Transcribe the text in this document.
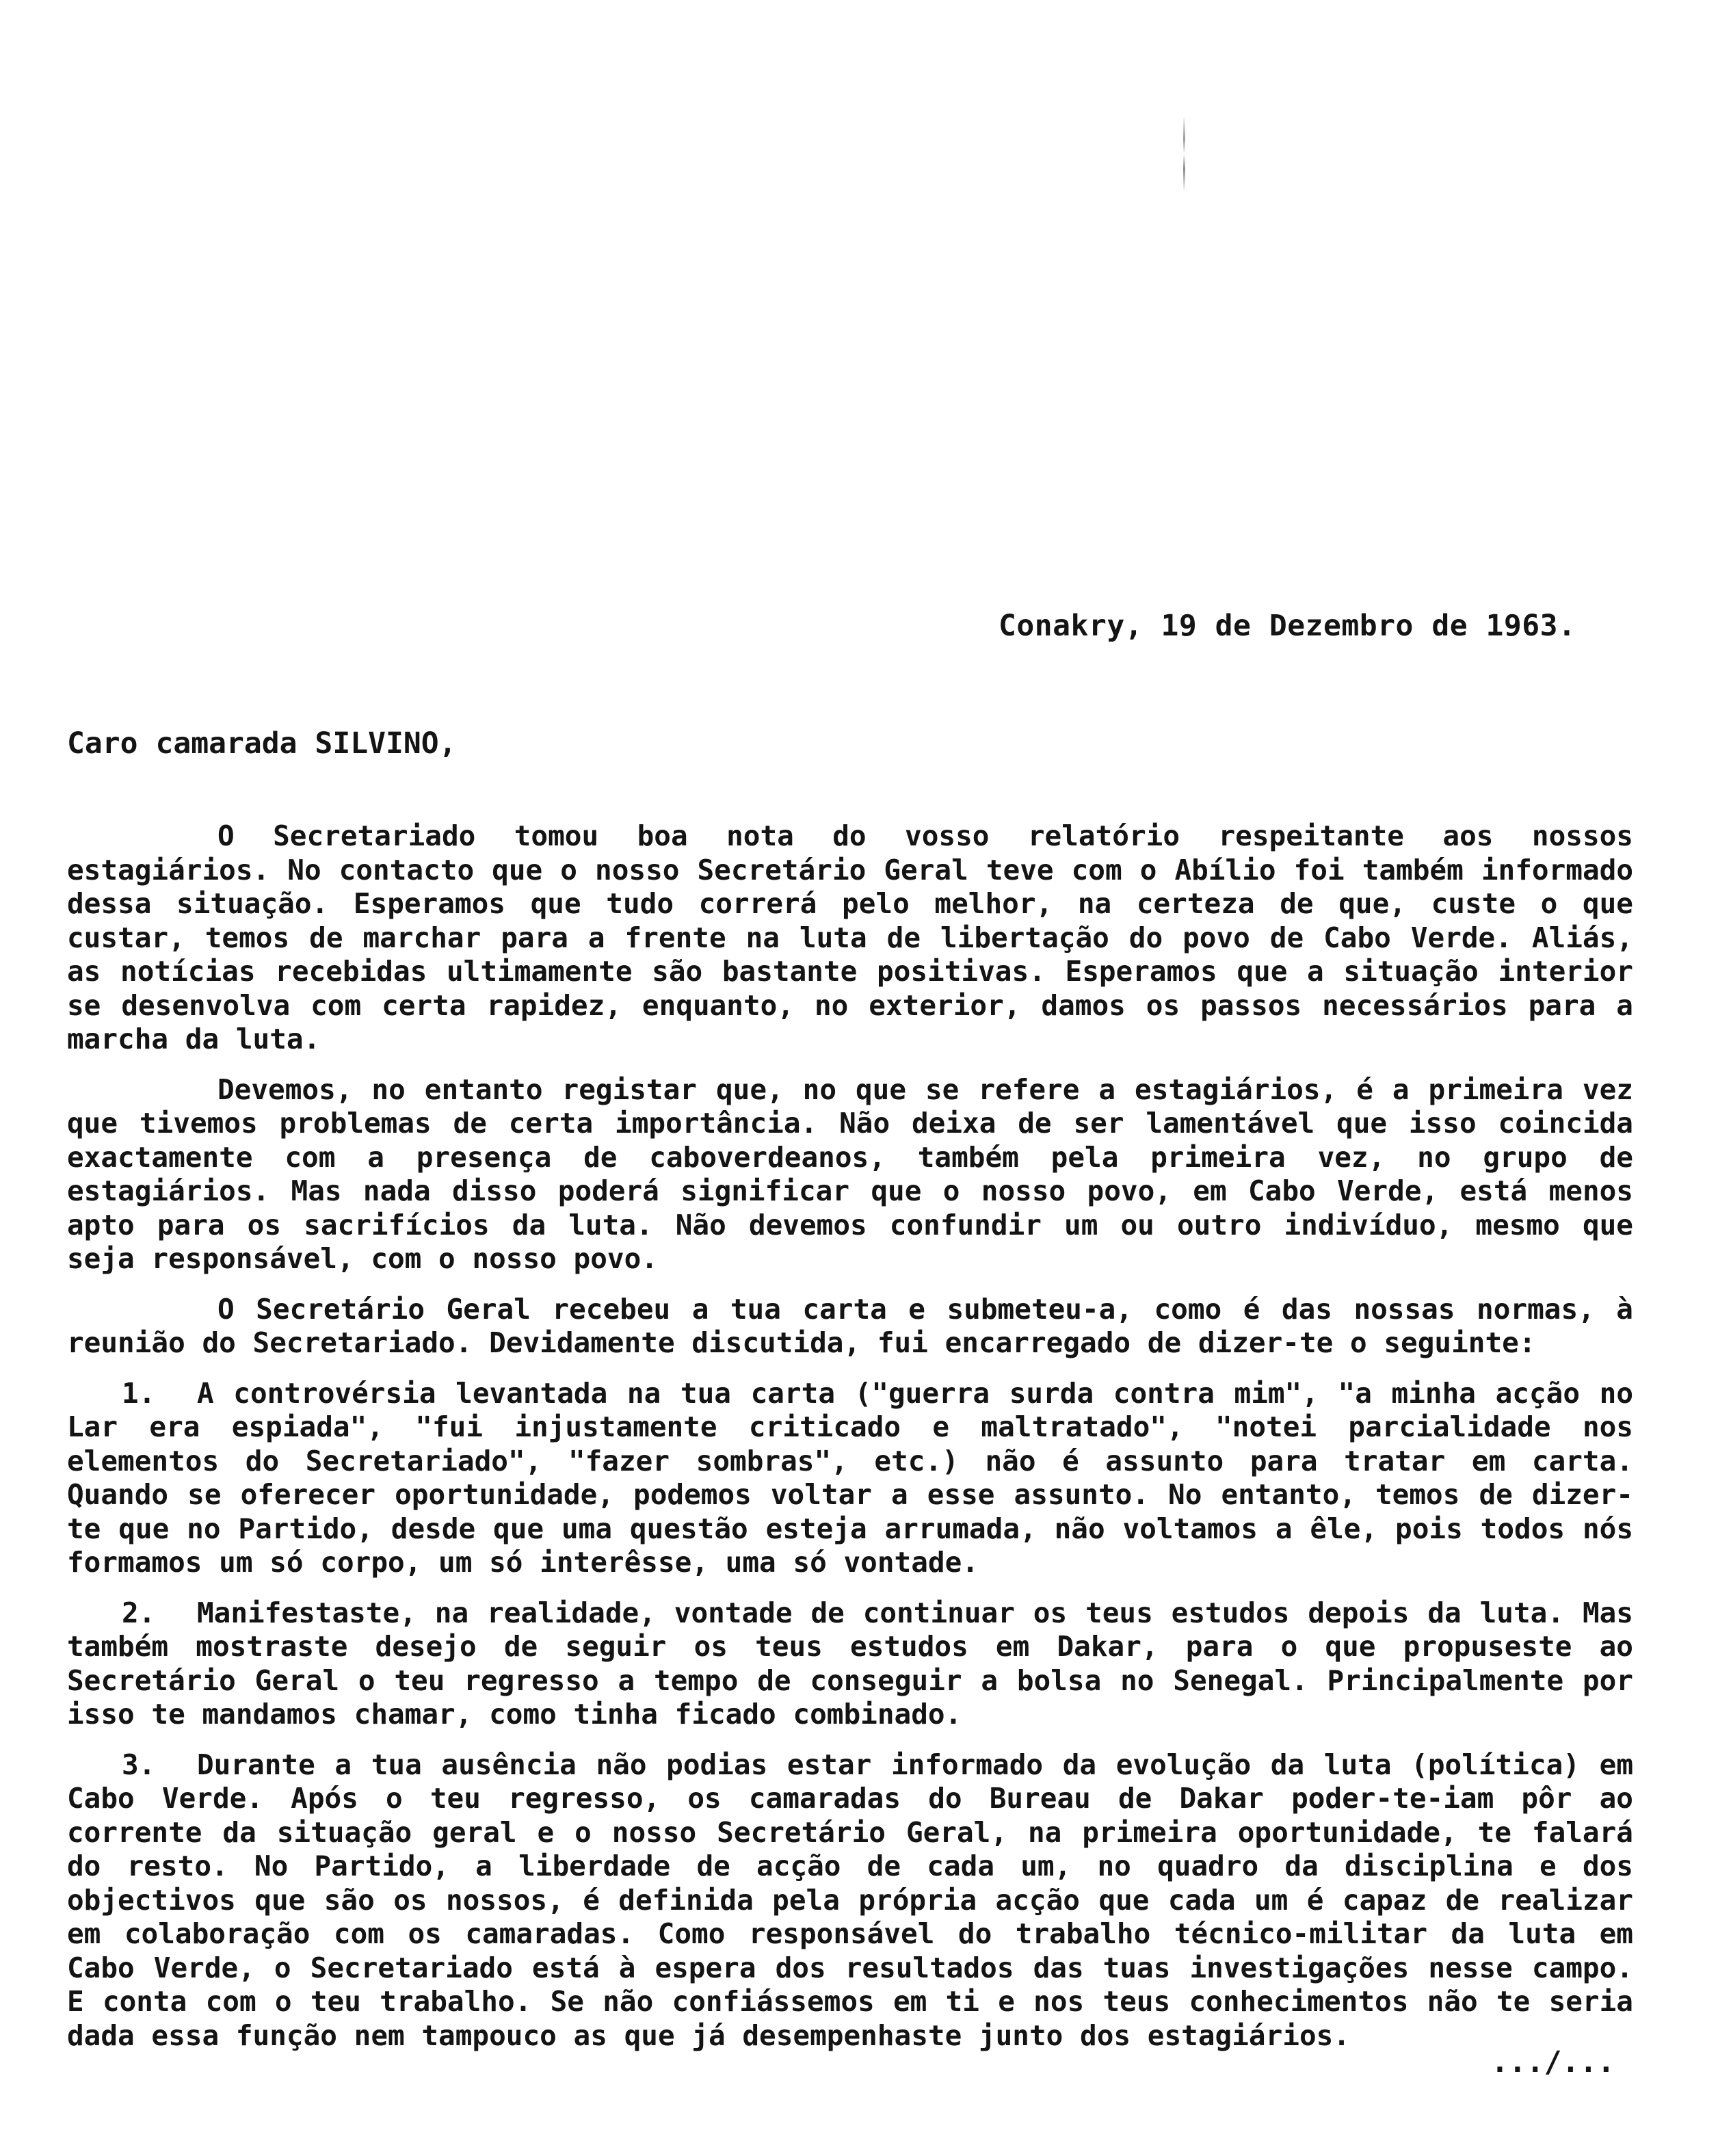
Conakry, 19 de Dezembro de 1963.
Caro camarada SILVINO,

O Secretariado tomou boa nota do vosso relatório respeitante aos nossos estagiários. No contacto que o nosso Secretário Geral teve com o Abílio foi também informado dessa situação. Esperamos que tudo correrá pelo melhor, na certeza de que, custe o que custar, temos de marchar para a frente na luta de libertação do povo de Cabo Verde. Aliás, as notícias recebidas ultimamente são bastante positivas. Esperamos que a situação interior se desenvolva com certa rapidez, enquanto, no exterior, damos os passos necessários para a marcha da luta.

Devemos, no entanto registar que, no que se refere a estagiários, é a primeira vez que tivemos problemas de certa importância. Não deixa de ser lamentável que isso coincida exactamente com a presença de caboverdeanos, também pela primeira vez, no grupo de estagiários. Mas nada disso poderá significar que o nosso povo, em Cabo Verde, está menos apto para os sacrifícios da luta. Não devemos confundir um ou outro indivíduo, mesmo que seja responsável, com o nosso povo.

O Secretário Geral recebeu a tua carta e submeteu-a, como é das nossas normas, à reunião do Secretariado. Devidamente discutida, fui encarregado de dizer-te o seguinte:

1. A controvérsia levantada na tua carta ("guerra surda contra mim", "a minha acção no Lar era espiada", "fui injustamente criticado e maltratado", "notei parcialidade nos elementos do Secretariado", "fazer sombras", etc.) não é assunto para tratar em carta. Quando se oferecer oportunidade, podemos voltar a esse assunto. No entanto, temos de dizer-te que no Partido, desde que uma questão esteja arrumada, não voltamos a êle, pois todos nós formamos um só corpo, um só interêsse, uma só vontade.

2. Manifestaste, na realidade, vontade de continuar os teus estudos depois da luta. Mas também mostraste desejo de seguir os teus estudos em Dakar, para o que propuseste ao Secretário Geral o teu regresso a tempo de conseguir a bolsa no Senegal. Principalmente por isso te mandamos chamar, como tinha ficado combinado.

3. Durante a tua ausência não podias estar informado da evolução da luta (política) em Cabo Verde. Após o teu regresso, os camaradas do Bureau de Dakar poder-te-iam pôr ao corrente da situação geral e o nosso Secretário Geral, na primeira oportunidade, te falará do resto. No Partido, a liberdade de acção de cada um, no quadro da disciplina e dos objectivos que são os nossos, é definida pela própria acção que cada um é capaz de realizar em colaboração com os camaradas. Como responsável do trabalho técnico-militar da luta em Cabo Verde, o Secretariado está à espera dos resultados das tuas investigações nesse campo. E conta com o teu trabalho. Se não confiássemos em ti e nos teus conhecimentos não te seria dada essa função nem tampouco as que já desempenhaste junto dos estagiários.

.../...
